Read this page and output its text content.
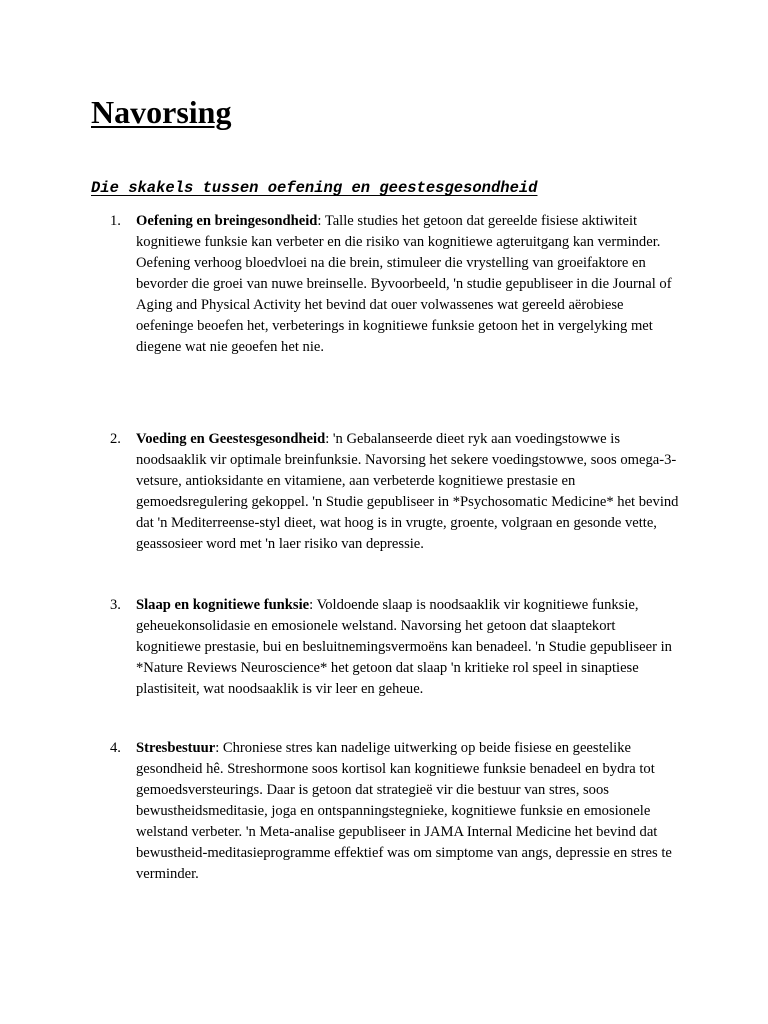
Navorsing
Die skakels tussen oefening en geestesgesondheid
1. Oefening en breingesondheid: Talle studies het getoon dat gereelde fisiese aktiwiteit kognitiewe funksie kan verbeter en die risiko van kognitiewe agteruitgang kan verminder. Oefening verhoog bloedvloei na die brein, stimuleer die vrystelling van groeifaktore en bevorder die groei van nuwe breinselle. Byvoorbeeld, 'n studie gepubliseer in die Journal of Aging and Physical Activity het bevind dat ouer volwassenes wat gereeld aërobiese oefeninge beoefen het, verbeterings in kognitiewe funksie getoon het in vergelyking met diegene wat nie geoefen het nie.
2. Voeding en Geestesgesondheid: 'n Gebalanseerde dieet ryk aan voedingstowwe is noodsaaklik vir optimale breinfunksie. Navorsing het sekere voedingstowwe, soos omega-3-vetsure, antioksidante en vitamiene, aan verbeterde kognitiewe prestasie en gemoedsregulering gekoppel. 'n Studie gepubliseer in *Psychosomatic Medicine* het bevind dat 'n Mediterreense-styl dieet, wat hoog is in vrugte, groente, volgraan en gesonde vette, geassosieer word met 'n laer risiko van depressie.
3. Slaap en kognitiewe funksie: Voldoende slaap is noodsaaklik vir kognitiewe funksie, geheuekonsolidasie en emosionele welstand. Navorsing het getoon dat slaaptekort kognitiewe prestasie, bui en besluitnemingsvermoëns kan benadeel. 'n Studie gepubliseer in *Nature Reviews Neuroscience* het getoon dat slaap 'n kritieke rol speel in sinaptiese plastisiteit, wat noodsaaklik is vir leer en geheue.
4. Stresbestuur: Chroniese stres kan nadelige uitwerking op beide fisiese en geestelike gesondheid hê. Streshormone soos kortisol kan kognitiewe funksie benadeel en bydra tot gemoedsversteurings. Daar is getoon dat strategieë vir die bestuur van stres, soos bewustheidsmeditasie, joga en ontspanningstegnieke, kognitiewe funksie en emosionele welstand verbeter. 'n Meta-analise gepubliseer in JAMA Internal Medicine het bevind dat bewustheid-meditasieprogramme effektief was om simptome van angs, depressie en stres te verminder.
